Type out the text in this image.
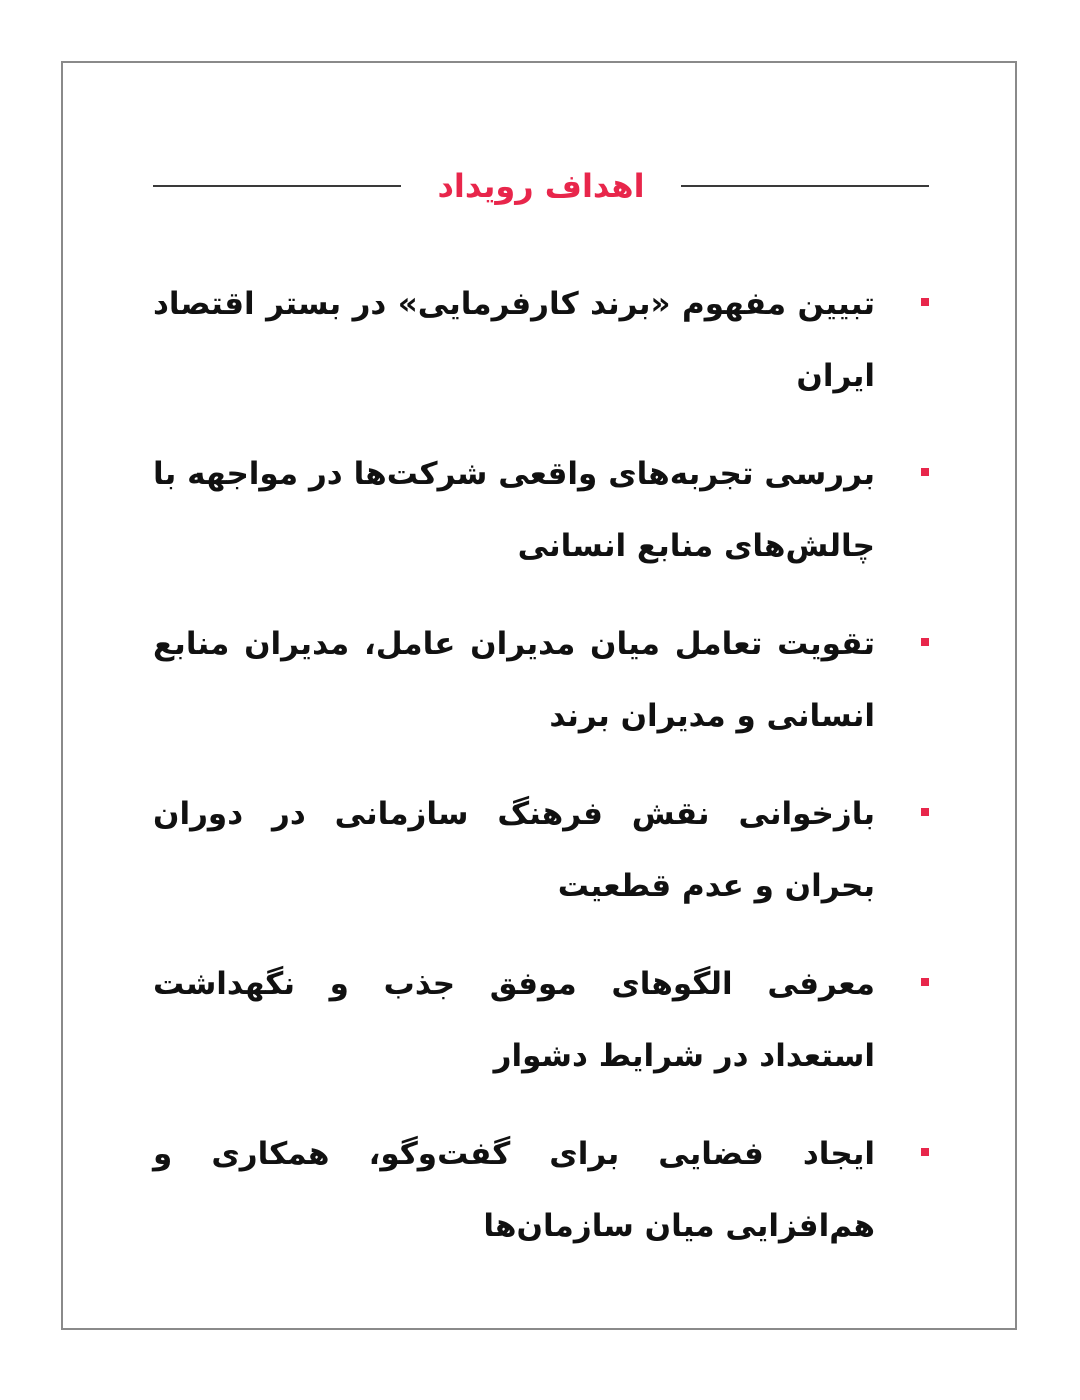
اهداف رویداد
تبیین مفهوم «برند کارفرمایی» در بستر اقتصاد ایران
بررسی تجربه‌های واقعی شرکت‌ها در مواجهه با چالش‌های منابع انسانی
تقویت تعامل میان مدیران عامل، مدیران منابع انسانی و مدیران برند
بازخوانی نقش فرهنگ سازمانی در دوران بحران و عدم قطعیت
معرفی الگوهای موفق جذب و نگهداشت استعداد در شرایط دشوار
ایجاد فضایی برای گفت‌وگو، همکاری و هم‌افزایی میان سازمان‌ها
